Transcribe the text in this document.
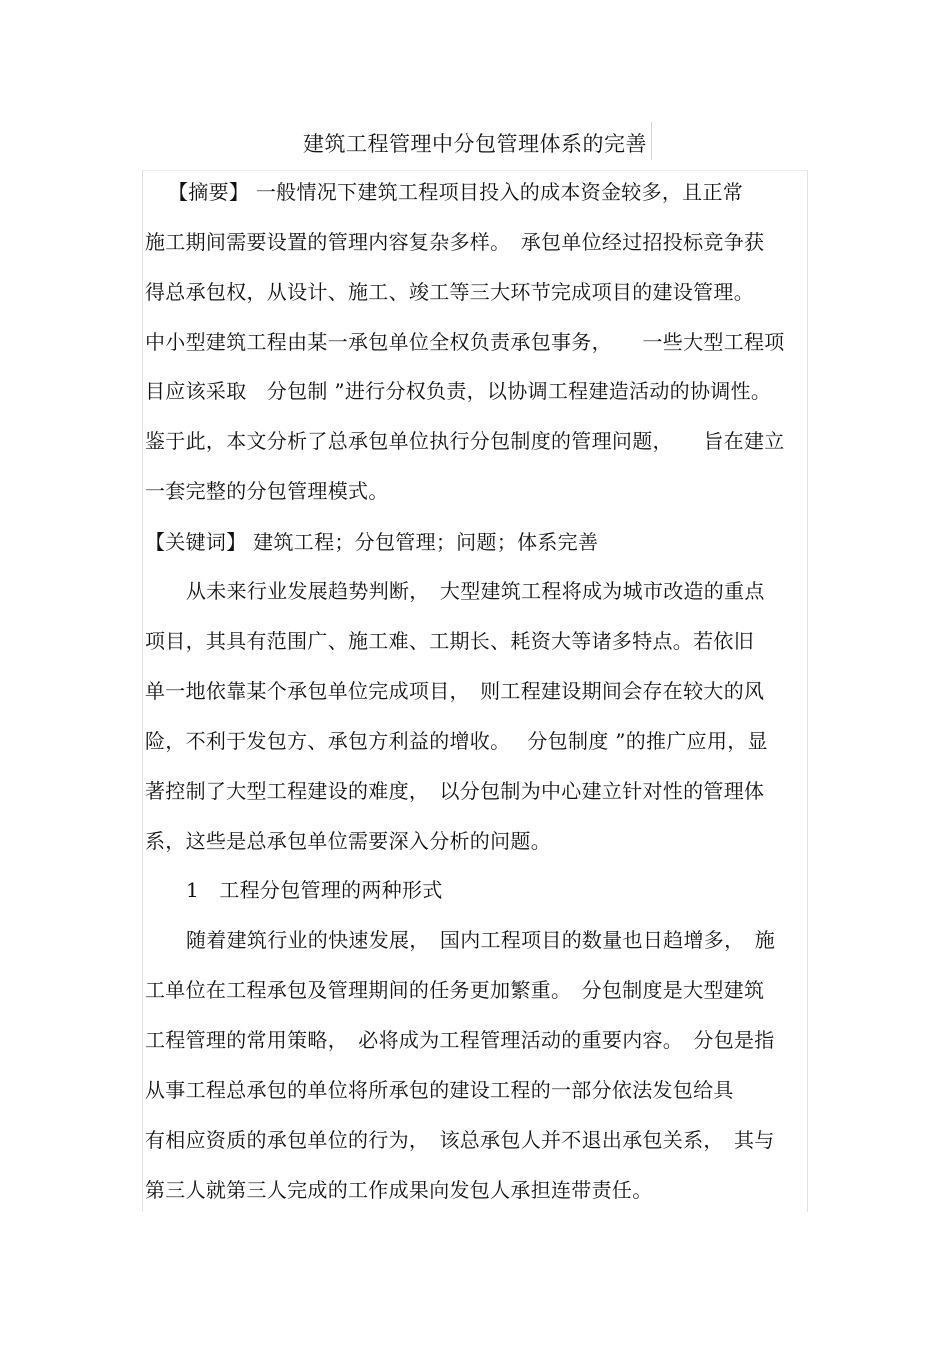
建筑工程管理中分包管理体系的完善
【摘要】 一般情况下建筑工程项目投入的成本资金较多，且正常
施工期间需要设置的管理内容复杂多样。　承包单位经过招投标竞争获
得总承包权，从设计、施工、竣工等三大环节完成项目的建设管理。
中小型建筑工程由某一承包单位全权负责承包事务，　　一些大型工程项
目应该采取　分包制 ”进行分权负责，以协调工程建造活动的协调性。
鉴于此，本文分析了总承包单位执行分包制度的管理问题，　　旨在建立
一套完整的分包管理模式。
【关键词】 建筑工程；分包管理；问题；体系完善
从未来行业发展趋势判断，　大型建筑工程将成为城市改造的重点
项目，其具有范围广、施工难、工期长、耗资大等诸多特点。若依旧
单一地依靠某个承包单位完成项目，　则工程建设期间会存在较大的风
险，不利于发包方、承包方利益的增收。　 分包制度 ”的推广应用，显
著控制了大型工程建设的难度，　以分包制为中心建立针对性的管理体
系，这些是总承包单位需要深入分析的问题。
1　工程分包管理的两种形式
随着建筑行业的快速发展，　国内工程项目的数量也日趋增多，　施
工单位在工程承包及管理期间的任务更加繁重。　分包制度是大型建筑
工程管理的常用策略，　必将成为工程管理活动的重要内容。　分包是指
从事工程总承包的单位将所承包的建设工程的一部分依法发包给具
有相应资质的承包单位的行为，　该总承包人并不退出承包关系，　其与
第三人就第三人完成的工作成果向发包人承担连带责任。
